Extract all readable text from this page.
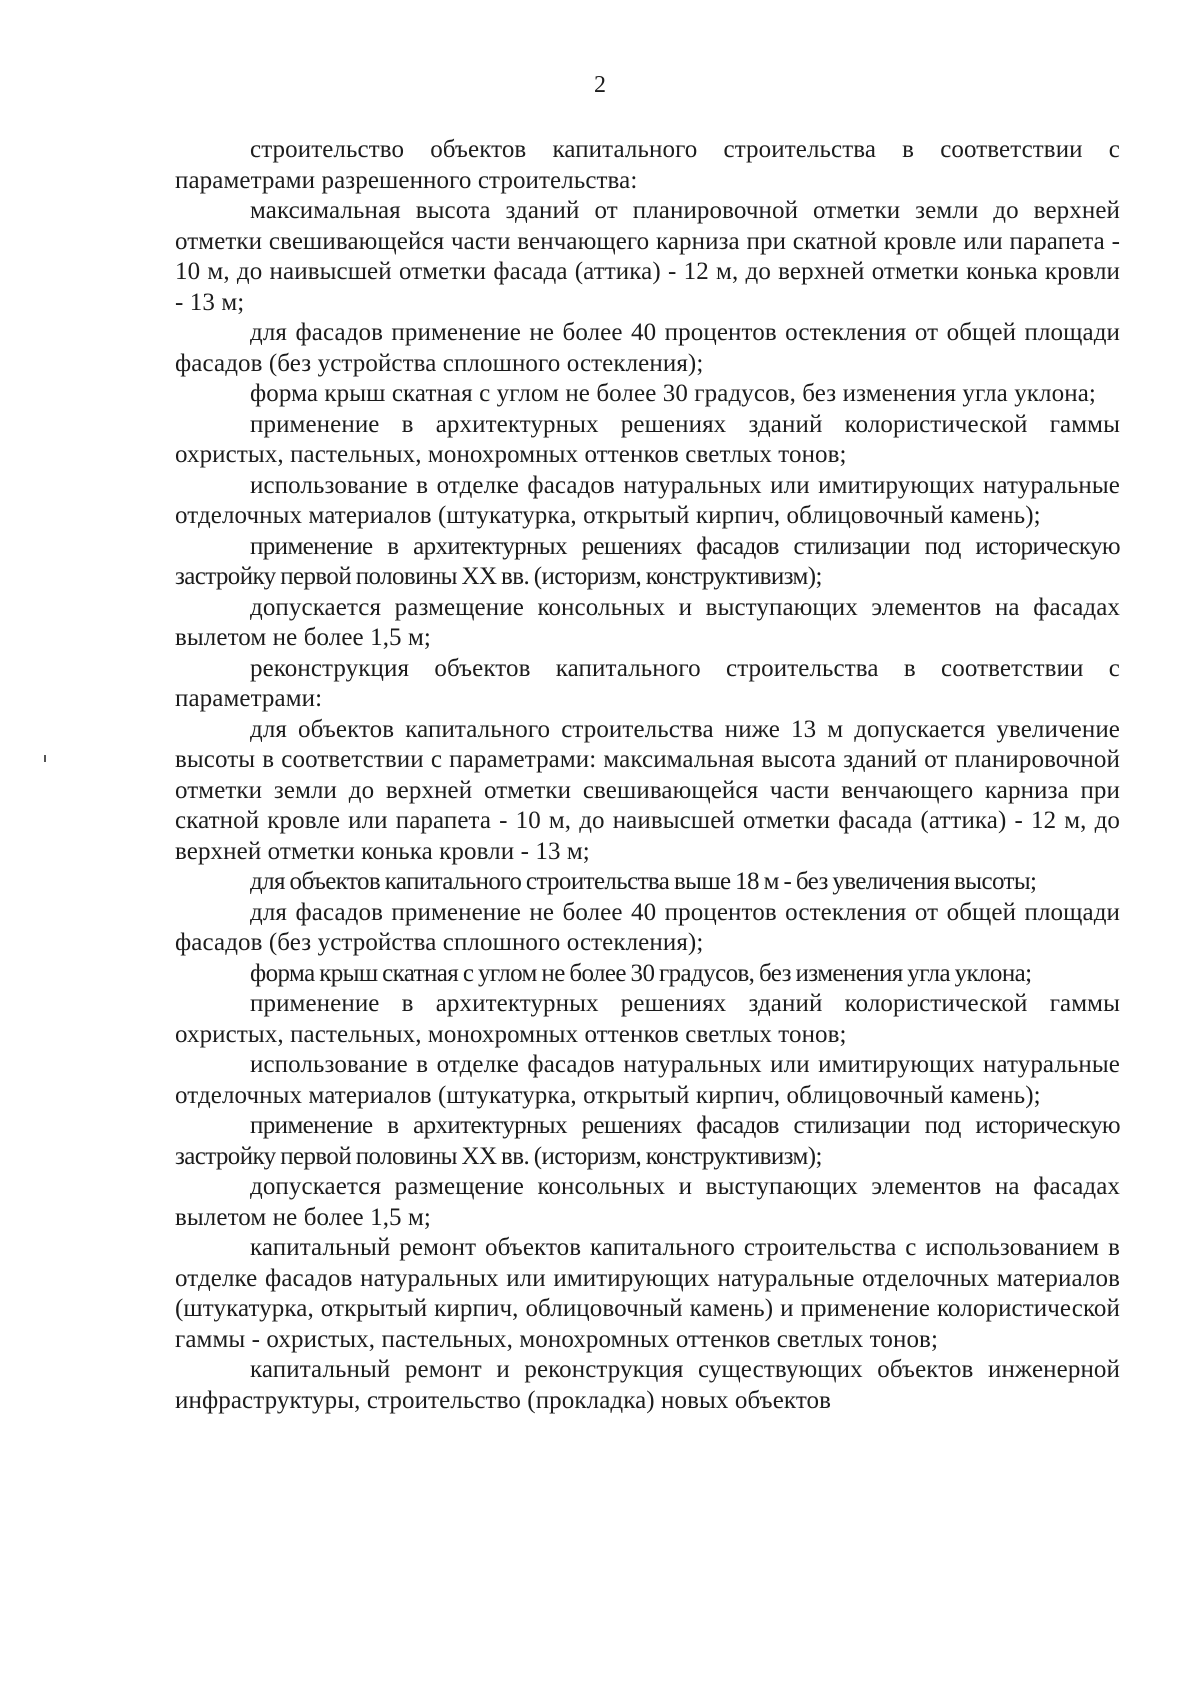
2

строительство объектов капитального строительства в соответствии с параметрами разрешенного строительства:

максимальная высота зданий от планировочной отметки земли до верхней отметки свешивающейся части венчающего карниза при скатной кровле или парапета - 10 м, до наивысшей отметки фасада (аттика) - 12 м, до верхней отметки конька кровли - 13 м;

для фасадов применение не более 40 процентов остекления от общей площади фасадов (без устройства сплошного остекления);

форма крыш скатная с углом не более 30 градусов, без изменения угла уклона;

применение в архитектурных решениях зданий колористической гаммы охристых, пастельных, монохромных оттенков светлых тонов;

использование в отделке фасадов натуральных или имитирующих натуральные отделочных материалов (штукатурка, открытый кирпич, облицовочный камень);

применение в архитектурных решениях фасадов стилизации под историческую застройку первой половины XX вв. (историзм, конструктивизм);

допускается размещение консольных и выступающих элементов на фасадах вылетом не более 1,5 м;

реконструкция объектов капитального строительства в соответствии с параметрами:

для объектов капитального строительства ниже 13 м допускается увеличение высоты в соответствии с параметрами: максимальная высота зданий от планировочной отметки земли до верхней отметки свешивающейся части венчающего карниза при скатной кровле или парапета - 10 м, до наивысшей отметки фасада (аттика) - 12 м, до верхней отметки конька кровли - 13 м;

для объектов капитального строительства выше 18 м - без увеличения высоты;

для фасадов применение не более 40 процентов остекления от общей площади фасадов (без устройства сплошного остекления);

форма крыш скатная с углом не более 30 градусов, без изменения угла уклона;

применение в архитектурных решениях зданий колористической гаммы охристых, пастельных, монохромных оттенков светлых тонов;

использование в отделке фасадов натуральных или имитирующих натуральные отделочных материалов (штукатурка, открытый кирпич, облицовочный камень);

применение в архитектурных решениях фасадов стилизации под историческую застройку первой половины XX вв. (историзм, конструктивизм);

допускается размещение консольных и выступающих элементов на фасадах вылетом не более 1,5 м;

капитальный ремонт объектов капитального строительства с использованием в отделке фасадов натуральных или имитирующих натуральные отделочных материалов (штукатурка, открытый кирпич, облицовочный камень) и применение колористической гаммы - охристых, пастельных, монохромных оттенков светлых тонов;

капитальный ремонт и реконструкция существующих объектов инженерной инфраструктуры, строительство (прокладка) новых объектов
